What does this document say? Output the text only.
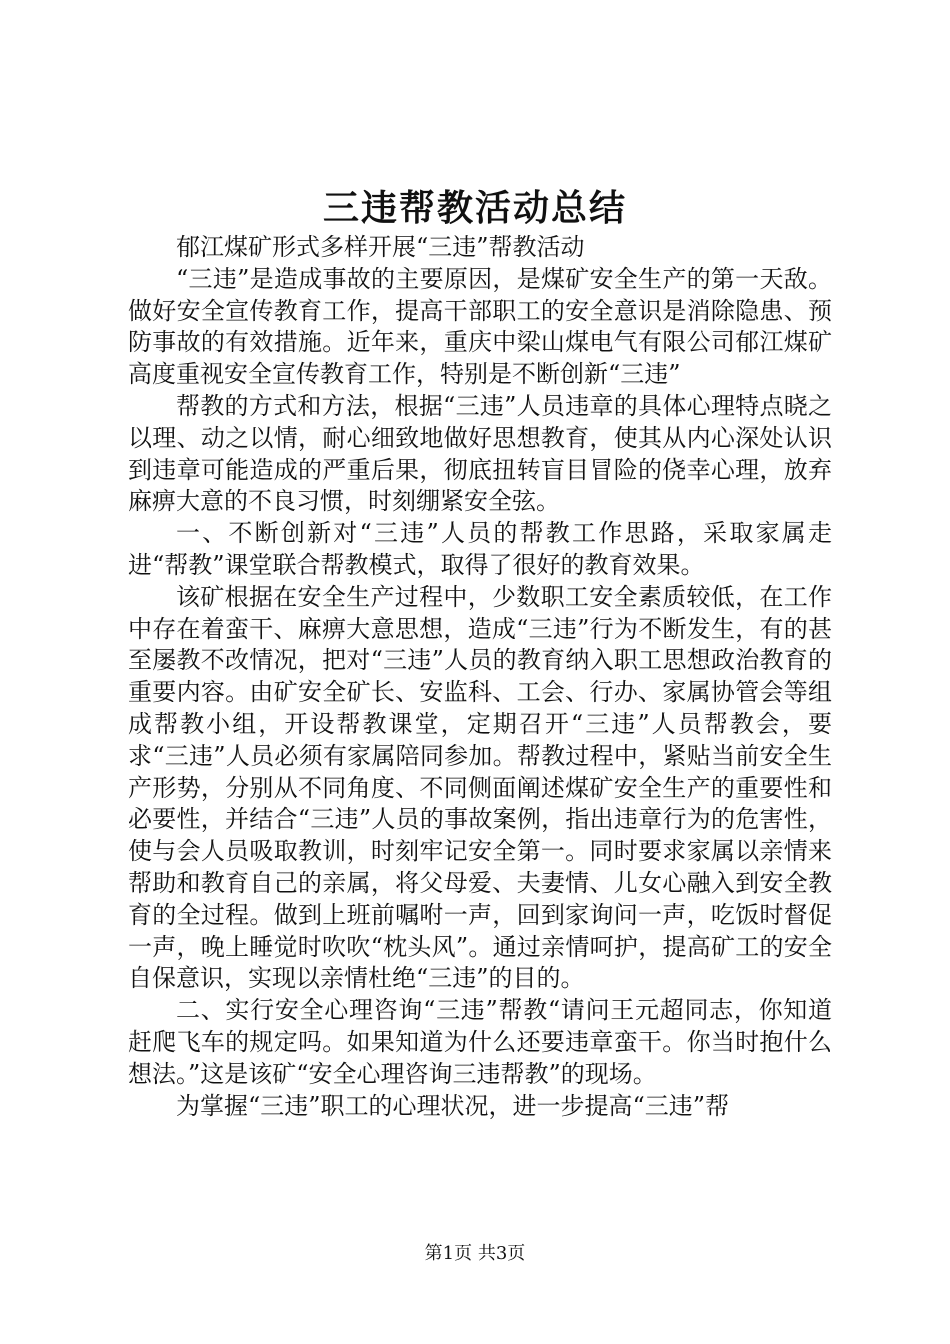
三违帮教活动总结

郁江煤矿形式多样开展“三违”帮教活动

“三违”是造成事故的主要原因，是煤矿安全生产的第一天敌。做好安全宣传教育工作，提高干部职工的安全意识是消除隐患、预防事故的有效措施。近年来，重庆中梁山煤电气有限公司郁江煤矿高度重视安全宣传教育工作，特别是不断创新“三违”

帮教的方式和方法，根据“三违”人员违章的具体心理特点晓之以理、动之以情，耐心细致地做好思想教育，使其从内心深处认识到违章可能造成的严重后果，彻底扭转盲目冒险的侥幸心理，放弃麻痹大意的不良习惯，时刻绷紧安全弦。

一、不断创新对“三违”人员的帮教工作思路，采取家属走进“帮教”课堂联合帮教模式，取得了很好的教育效果。

该矿根据在安全生产过程中，少数职工安全素质较低，在工作中存在着蛮干、麻痹大意思想，造成“三违”行为不断发生，有的甚至屡教不改情况，把对“三违”人员的教育纳入职工思想政治教育的重要内容。由矿安全矿长、安监科、工会、行办、家属协管会等组成帮教小组，开设帮教课堂，定期召开“三违”人员帮教会，要求“三违”人员必须有家属陪同参加。帮教过程中，紧贴当前安全生产形势，分别从不同角度、不同侧面阐述煤矿安全生产的重要性和必要性，并结合“三违”人员的事故案例，指出违章行为的危害性，使与会人员吸取教训，时刻牢记安全第一。同时要求家属以亲情来帮助和教育自己的亲属，将父母爱、夫妻情、儿女心融入到安全教育的全过程。做到上班前嘱咐一声，回到家询问一声，吃饭时督促一声，晚上睡觉时吹吹“枕头风”。通过亲情呵护，提高矿工的安全自保意识，实现以亲情杜绝“三违”的目的。

二、实行安全心理咨询“三违”帮教“请问王元超同志，你知道赶爬飞车的规定吗。如果知道为什么还要违章蛮干。你当时抱什么想法。”这是该矿“安全心理咨询三违帮教”的现场。

为掌握“三违”职工的心理状况，进一步提高“三违”帮

第1页 共3页
